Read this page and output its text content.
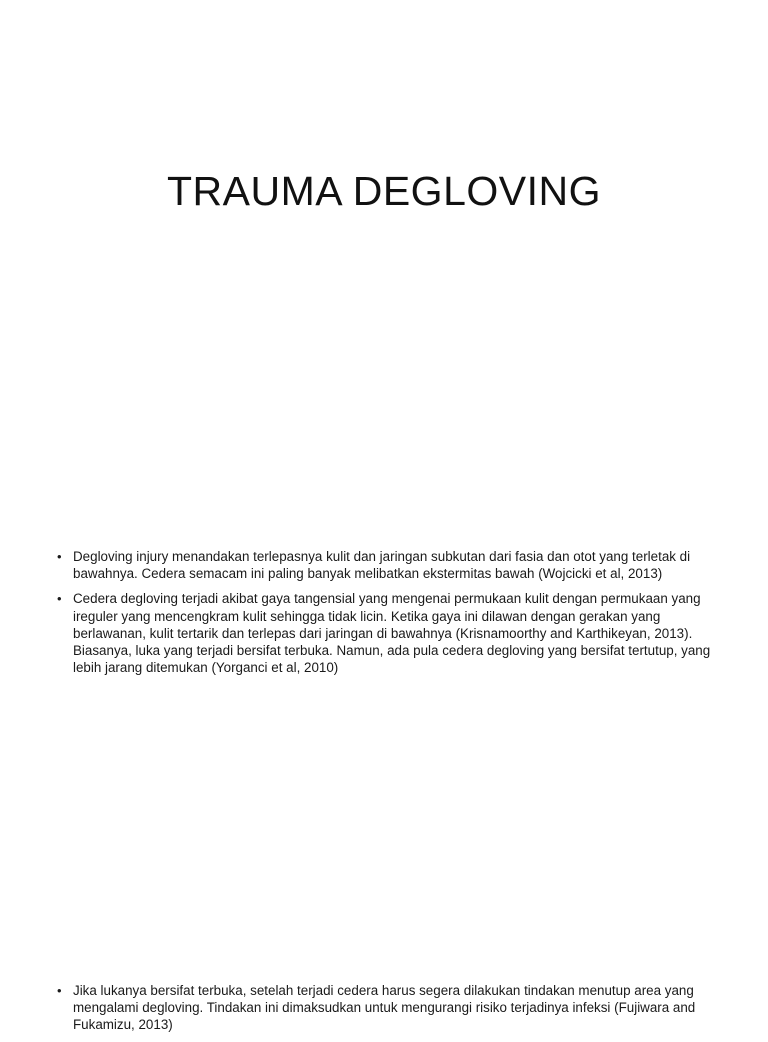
TRAUMA DEGLOVING
• Degloving injury menandakan terlepasnya kulit dan jaringan subkutan dari fasia dan otot yang terletak di bawahnya. Cedera semacam ini paling banyak melibatkan ekstermitas bawah (Wojcicki et al, 2013)
• Cedera degloving terjadi akibat gaya tangensial yang mengenai permukaan kulit dengan permukaan yang ireguler yang mencengkram kulit sehingga tidak licin. Ketika gaya ini dilawan dengan gerakan yang berlawanan, kulit tertarik dan terlepas dari jaringan di bawahnya (Krisnamoorthy and Karthikeyan, 2013). Biasanya, luka yang terjadi bersifat terbuka. Namun, ada pula cedera degloving yang bersifat tertutup, yang lebih jarang ditemukan (Yorganci et al, 2010)
• Jika lukanya bersifat terbuka, setelah terjadi cedera harus segera dilakukan tindakan menutup area yang mengalami degloving. Tindakan ini dimaksudkan untuk mengurangi risiko terjadinya infeksi (Fujiwara and Fukamizu, 2013)
